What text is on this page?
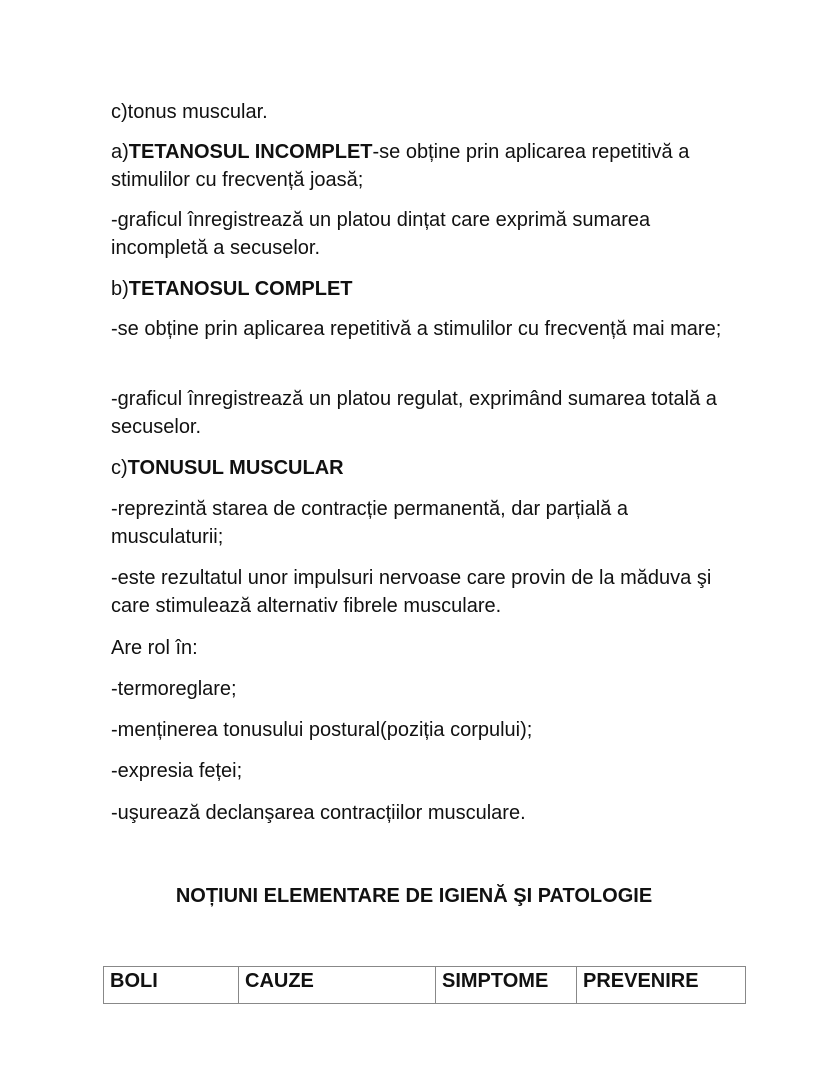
c)tonus muscular.

a)TETANOSUL INCOMPLET-se obține prin aplicarea repetitivă a stimulilor cu frecvență joasă;

-graficul înregistrează un platou dințat care exprimă sumarea incompletă a secuselor.

b)TETANOSUL COMPLET

-se obține prin aplicarea repetitivă a stimulilor cu frecvență mai mare;

-graficul înregistrează un platou regulat, exprimând sumarea totală a secuselor.

c)TONUSUL MUSCULAR

-reprezintă starea de contracție permanentă, dar parțială a musculaturii;

-este rezultatul unor impulsuri nervoase care provin de la măduva şi care stimulează alternativ fibrele musculare.

Are rol în:

-termoreglare;

-menținerea tonusului postural(poziția corpului);

-expresia feței;

-uşurează declanşarea contracțiilor musculare.

NOȚIUNI ELEMENTARE DE IGIENĂ ŞI PATOLOGIE
BOLI	CAUZE	SIMPTOME	PREVENIRE
